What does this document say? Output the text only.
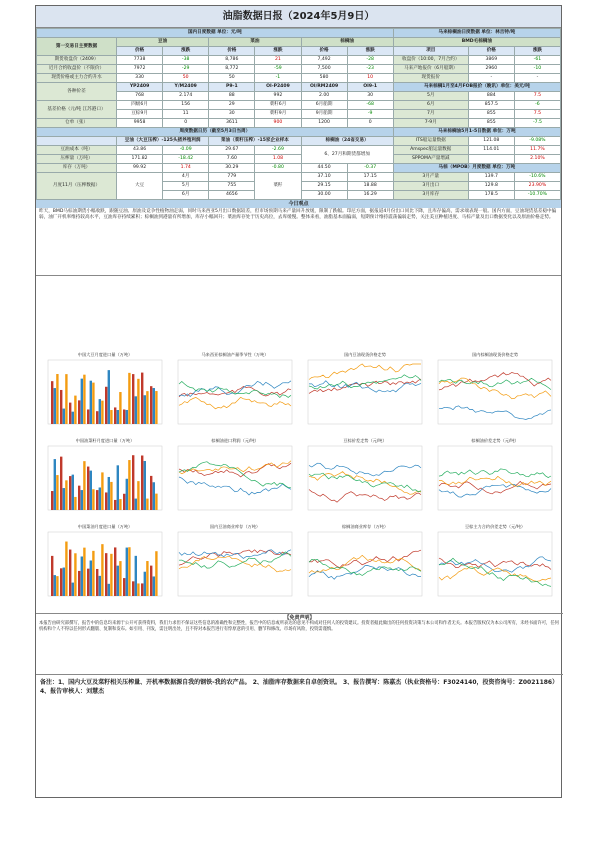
油脂数据日报（2024年5月9日）
国内日度数据 单位：元/吨							马来棕榈油日度数据 单位：林吉特/吨		
第一交易日主要数据	豆油		菜油		棕榈油		BMD毛棕榈油		
	价格	涨跌	价格	涨跌	价格	涨跌	项目	价格	涨跌
期货收盘价（2409）	7738	-38	8,786	21	7,492	-28	收盘价（10:00，7月合约）	3869	-61
近月合约收盘价（不限价）	7972	-29	8,772	-59	7,500	-23	马来产地报价（6月船期）	2960	-10
现货价格或主力合约升水	330	50	50	-1	580	10	现货报价	-	-
各种价差	YP2409	Y/M2409	P9-1	OI-P2409	OI/RM2409	OI9-1	马来棕榈1月至4月FOB报价（晚讯）单位：美元/吨		
	768	2.174	88	992	2.00	30	5月	884	7.5
基差价格（元/吨 江苏港口）	四级6月	156	29	菜籽6月	6月船期	-68	6月	857.5	-6
	豆棕9月	11	30	菜籽9月	9月船期	-9	7月	855	7.5
仓单（张）	9958	0	3611	900	1200	0	7-9月	855	-7.5
周度数据日历（截至5月3日当周）							马来棕榈油5月1-5日数据 单位：万吨		
	豆油（大豆压榨）-125头猪养殖利润		菜油（菜籽压榨）-15家企业样本		棕榈油（24省交易）		ITS船运量数据	121.08	-9.08%
豆油成本（吨）	43.86	-0.09	29.67	-2.69	6、27月和期货都增加		Amspec船运量数据	114.01	11.7%
压榨量（万吨）	171.82	-18.42	7.60	1.08			SPPOMA产量增减		2.10%
库存（万吨）	99.92	1.74	30.29	-0.80	44.50	-0.37	马棕（MPOB）月度数据 单位：万吨		
月度11月（压榨数据）	大豆	4月	779	菜籽	37.10	17.15	3月产量	139.7	-10.6%
		5月	755		29.15	18.88	3月出口	129.8	23.90%
		6月	4656		30.00	16.29	3月库存	178.5	-10.70%
今日观点
昨天，BMD马棕油期货小幅收跌，跟随豆油、原油及竞争性植物油走弱，同时马来西亚5月出口数据较差，但市场预期马来产量回升放缓，限制了跌幅。印尼方面，据报道4月份出口同比下降，且库存偏高，需求端表现一般。国内方面，豆油现货基差稳中偏弱，油厂开机率维持较高水平，豆油库存持续累积；棕榈油到港量有所增加，库存小幅回升；菜油库存处于历史高位，去库缓慢。整体来看，油脂基本面偏弱，短期预计维持震荡偏弱走势，关注美豆种植进度、马棕产量及出口数据变化以及原油价格走势。
中国大豆月度进口量（万吨）	马来西亚棕榈油产量季节性（万吨）	国内豆油现货价格走势	国内棕榈油现货价格走势
中国油菜籽月度进口量（万吨）	棕榈油进口利润（元/吨）	豆棕价差走势（元/吨）	棕榈油价差走势（元/吨）
中国菜油月度进口量（万吨）	国内豆油商业库存（万吨）	棕榈油商业库存（万吨）	豆棕主力合约价差走势（元/吨）
【免责声明】
本报告由研究部撰写，报告中的信息均来源于公开可获得资料，我们力求但不保证这些信息的准确性和完整性，报告中的信息或所表达的意见不构成对任何人的投资建议。投资者据此做出的任何投资决策与本公司和作者无关。本报告版权仅为本公司所有，未经书面许可，任何机构和个人不得以任何形式翻版、复制和发布。如引用、刊发，需注明出处，且不得对本报告进行有悖原意的引用、删节和修改。市场有风险，投资需谨慎。
备注：1、国内大豆及菜籽相关压榨量、开机率数据源自我的钢铁-我的农产品。 2、油脂库存数据来自卓创资讯。 3、报告撰写：陈嘉杰（执业资格号：F3024140，投资咨询号：Z0021186）
4、报告审核人：刘慧杰
